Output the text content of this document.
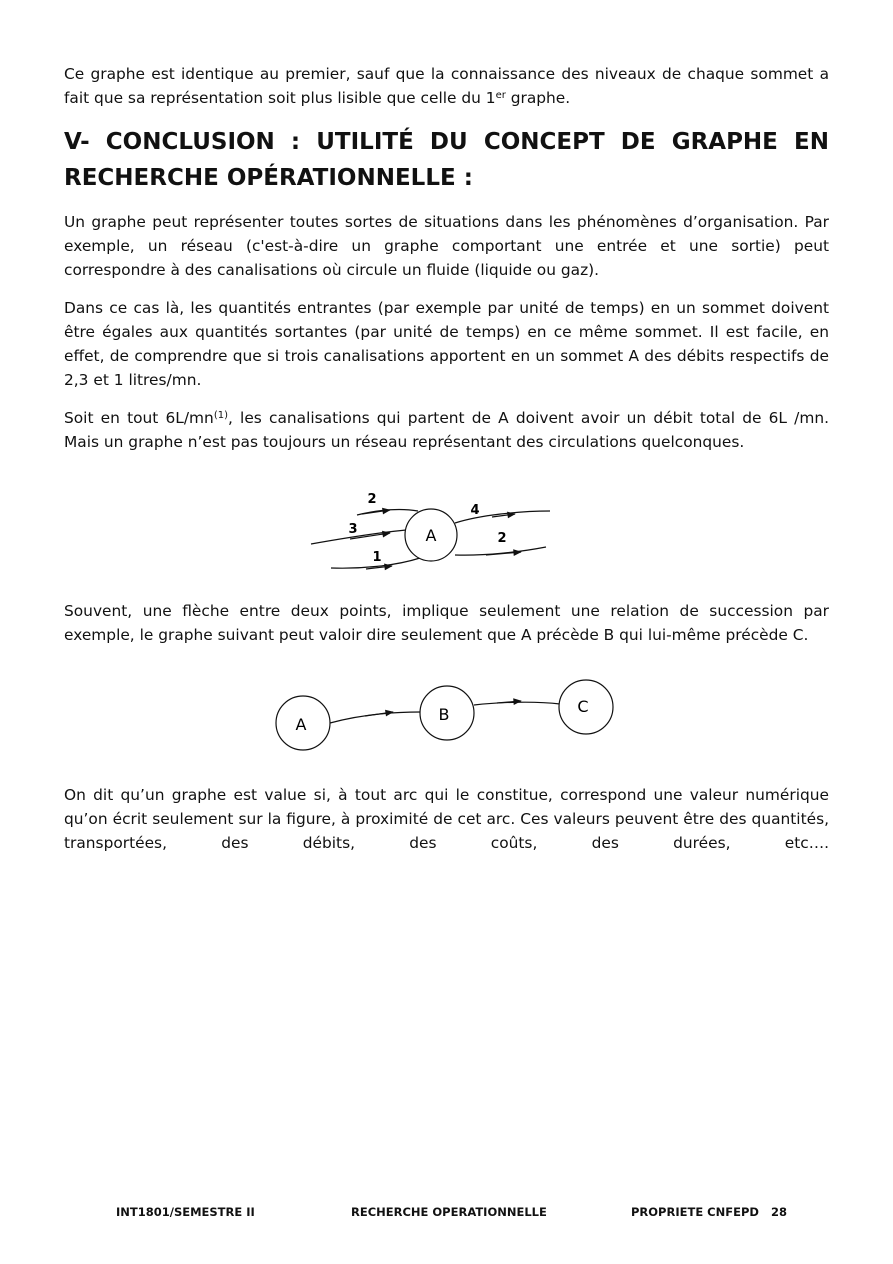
Ce graphe est identique au premier, sauf que la connaissance des niveaux de chaque sommet a fait que sa représentation soit plus lisible que celle du 1er graphe.

V- CONCLUSION : UTILITÉ DU CONCEPT DE GRAPHE EN RECHERCHE OPÉRATIONNELLE :

Un graphe peut représenter toutes sortes de situations dans les phénomènes d’organisation. Par exemple, un réseau (c'est-à-dire un graphe comportant une entrée et une sortie) peut correspondre à des canalisations où circule un fluide (liquide ou gaz).

Dans ce cas là, les quantités entrantes (par exemple par unité de temps) en un sommet doivent être égales aux quantités sortantes (par unité de temps) en ce même sommet. Il est facile, en effet, de comprendre que si trois canalisations apportent en un sommet A des débits respectifs de 2,3 et 1 litres/mn.

Soit en tout $6L/mn^{(1)}$, les canalisations qui partent de A doivent avoir un débit total de 6L /mn. Mais un graphe n’est pas toujours un réseau représentant des circulations quelconques.

A
2
3
1
4
2

Souvent, une flèche entre deux points, implique seulement une relation de succession par exemple, le graphe suivant peut valoir dire seulement que A précède B qui lui-même précède C.

A
B	C

On dit qu’un graphe est value si, à tout arc qui le constitue, correspond une valeur numérique qu’on écrit seulement sur la figure, à proximité de cet arc. Ces valeurs peuvent être des quantités, transportées, des débits, des coûts, des durées, etc….

INT1801/SEMESTRE II	RECHERCHE OPERATIONNELLE	PROPRIETE CNFEPD 28
